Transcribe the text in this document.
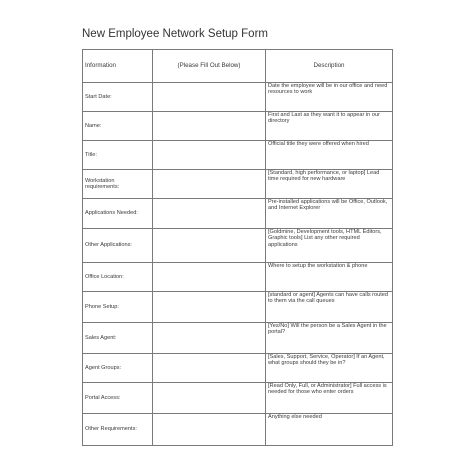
New Employee Network Setup Form
Information	(Please Fill Out Below)	Description
Start Date:		Date the employee will be in our office and need resources to work
Name:		First and Last as they want it to appear in our directory
Title:		Official title they were offered when hired
Workstation requirements:		[Standard, high performance, or laptop] Lead time required for new hardware
Applications Needed:		Pre-installed applications will be Office, Outlook, and Internet Explorer
Other Applications:		[Goldmine, Development tools, HTML Editors, Graphic tools] List any other required applications
Office Location:		Where to setup the workstation & phone
Phone Setup:		[standard or agent] Agents can have calls routed to them via the call queues
Sales Agent:		[Yes/No] Will the person be a Sales Agent in the portal?
Agent Groups:		[Sales, Support, Service, Operator] If an Agent, what groups should they be in?
Portal Access:		[Read Only, Full, or Administrator] Full access is needed for those who enter orders
Other Requirements:		Anything else needed
